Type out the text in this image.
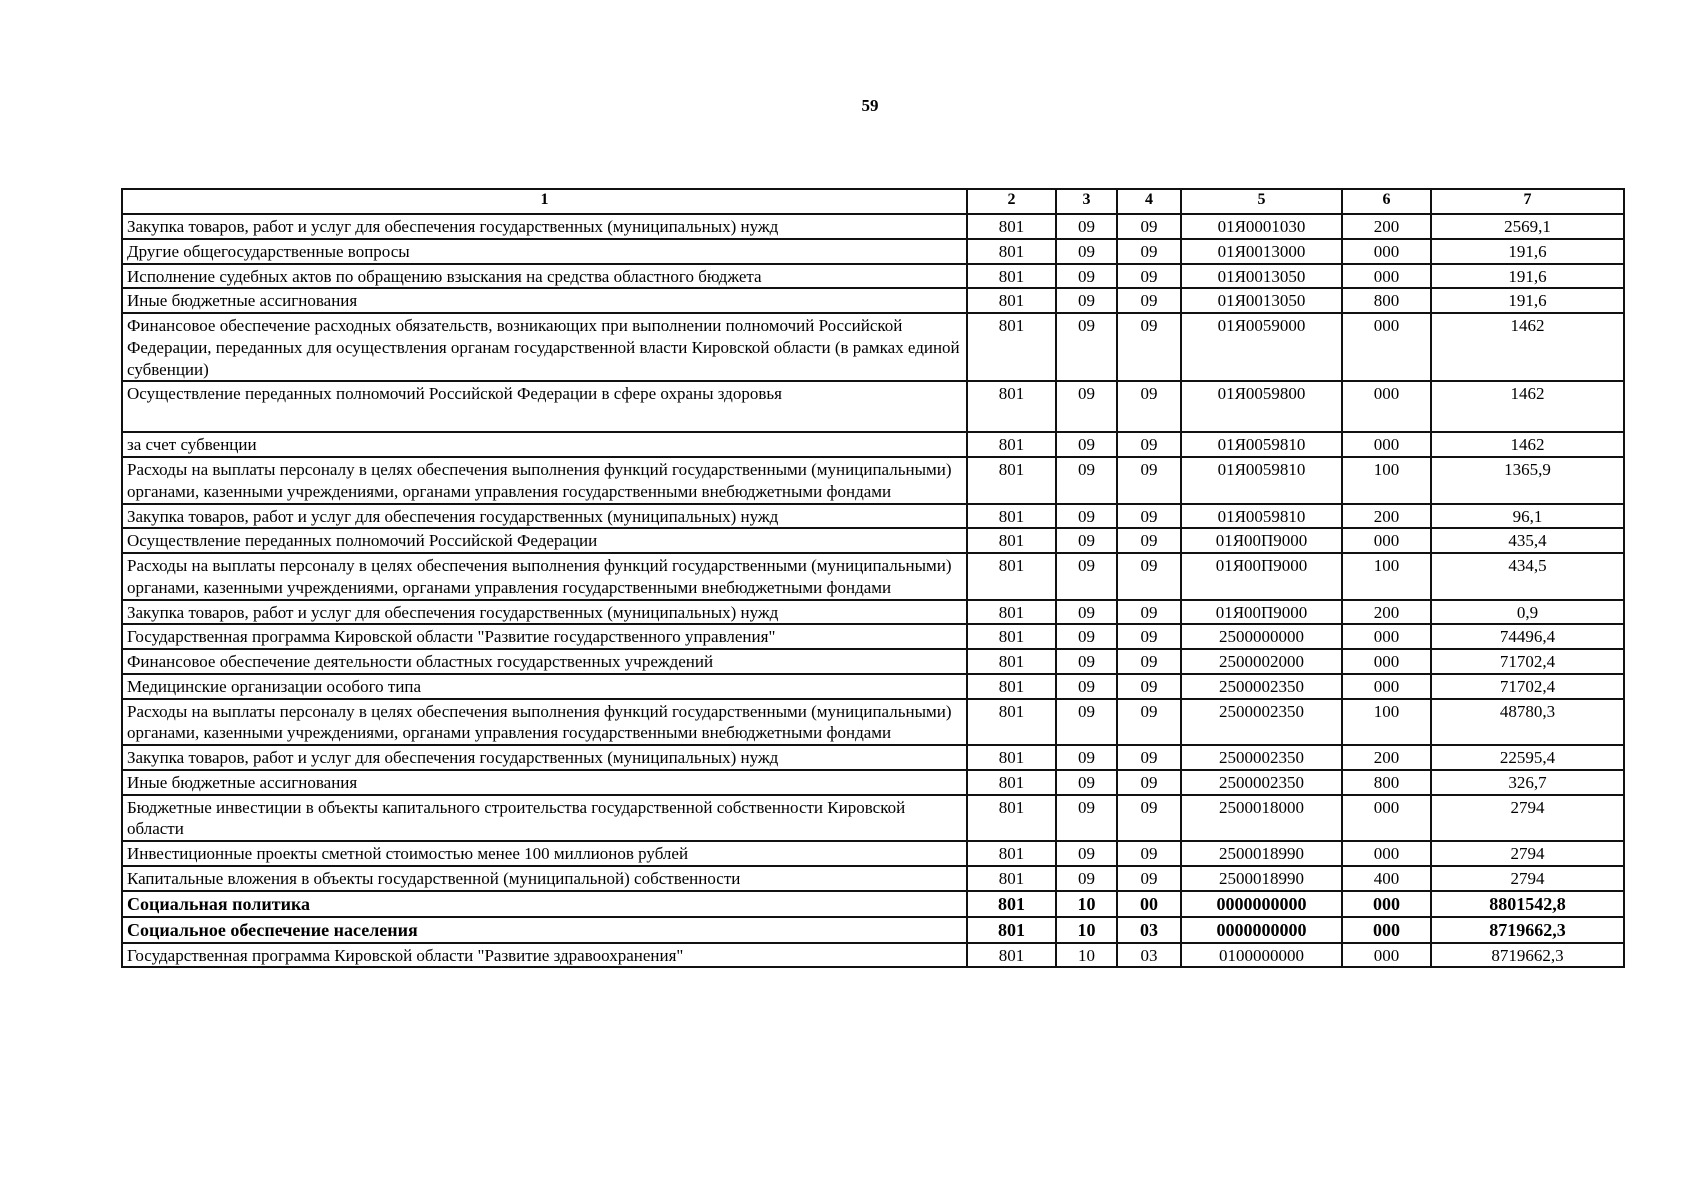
59
1	2	3	4	5	6	7
Закупка товаров, работ и услуг для обеспечения государственных (муниципальных) нужд	801	09	09	01Я0001030	200	2569,1
Другие общегосударственные вопросы	801	09	09	01Я0013000	000	191,6
Исполнение судебных актов по обращению взыскания на средства областного бюджета	801	09	09	01Я0013050	000	191,6
Иные бюджетные ассигнования	801	09	09	01Я0013050	800	191,6
Финансовое обеспечение расходных обязательств, возникающих при выполнении полномочий Российской Федерации, переданных для осуществления органам государственной власти Кировской области (в рамках единой субвенции)	801	09	09	01Я0059000	000	1462
Осуществление переданных полномочий Российской Федерации в сфере охраны здоровья	801	09	09	01Я0059800	000	1462
за счет субвенции	801	09	09	01Я0059810	000	1462
Расходы на выплаты персоналу в целях обеспечения выполнения функций государственными (муниципальными) органами, казенными учреждениями, органами управления государственными внебюджетными фондами	801	09	09	01Я0059810	100	1365,9
Закупка товаров, работ и услуг для обеспечения государственных (муниципальных) нужд	801	09	09	01Я0059810	200	96,1
Осуществление переданных полномочий Российской Федерации	801	09	09	01Я00П9000	000	435,4
Расходы на выплаты персоналу в целях обеспечения выполнения функций государственными (муниципальными) органами, казенными учреждениями, органами управления государственными внебюджетными фондами	801	09	09	01Я00П9000	100	434,5
Закупка товаров, работ и услуг для обеспечения государственных (муниципальных) нужд	801	09	09	01Я00П9000	200	0,9
Государственная программа Кировской области "Развитие государственного управления"	801	09	09	2500000000	000	74496,4
Финансовое обеспечение деятельности областных государственных учреждений	801	09	09	2500002000	000	71702,4
Медицинские организации особого типа	801	09	09	2500002350	000	71702,4
Расходы на выплаты персоналу в целях обеспечения выполнения функций государственными (муниципальными) органами, казенными учреждениями, органами управления государственными внебюджетными фондами	801	09	09	2500002350	100	48780,3
Закупка товаров, работ и услуг для обеспечения государственных (муниципальных) нужд	801	09	09	2500002350	200	22595,4
Иные бюджетные ассигнования	801	09	09	2500002350	800	326,7
Бюджетные инвестиции в объекты капитального строительства государственной собственности Кировской области	801	09	09	2500018000	000	2794
Инвестиционные проекты сметной стоимостью менее 100 миллионов рублей	801	09	09	2500018990	000	2794
Капитальные вложения в объекты государственной (муниципальной) собственности	801	09	09	2500018990	400	2794
Социальная политика	801	10	00	0000000000	000	8801542,8
Социальное обеспечение населения	801	10	03	0000000000	000	8719662,3
Государственная программа Кировской области "Развитие здравоохранения"	801	10	03	0100000000	000	8719662,3
